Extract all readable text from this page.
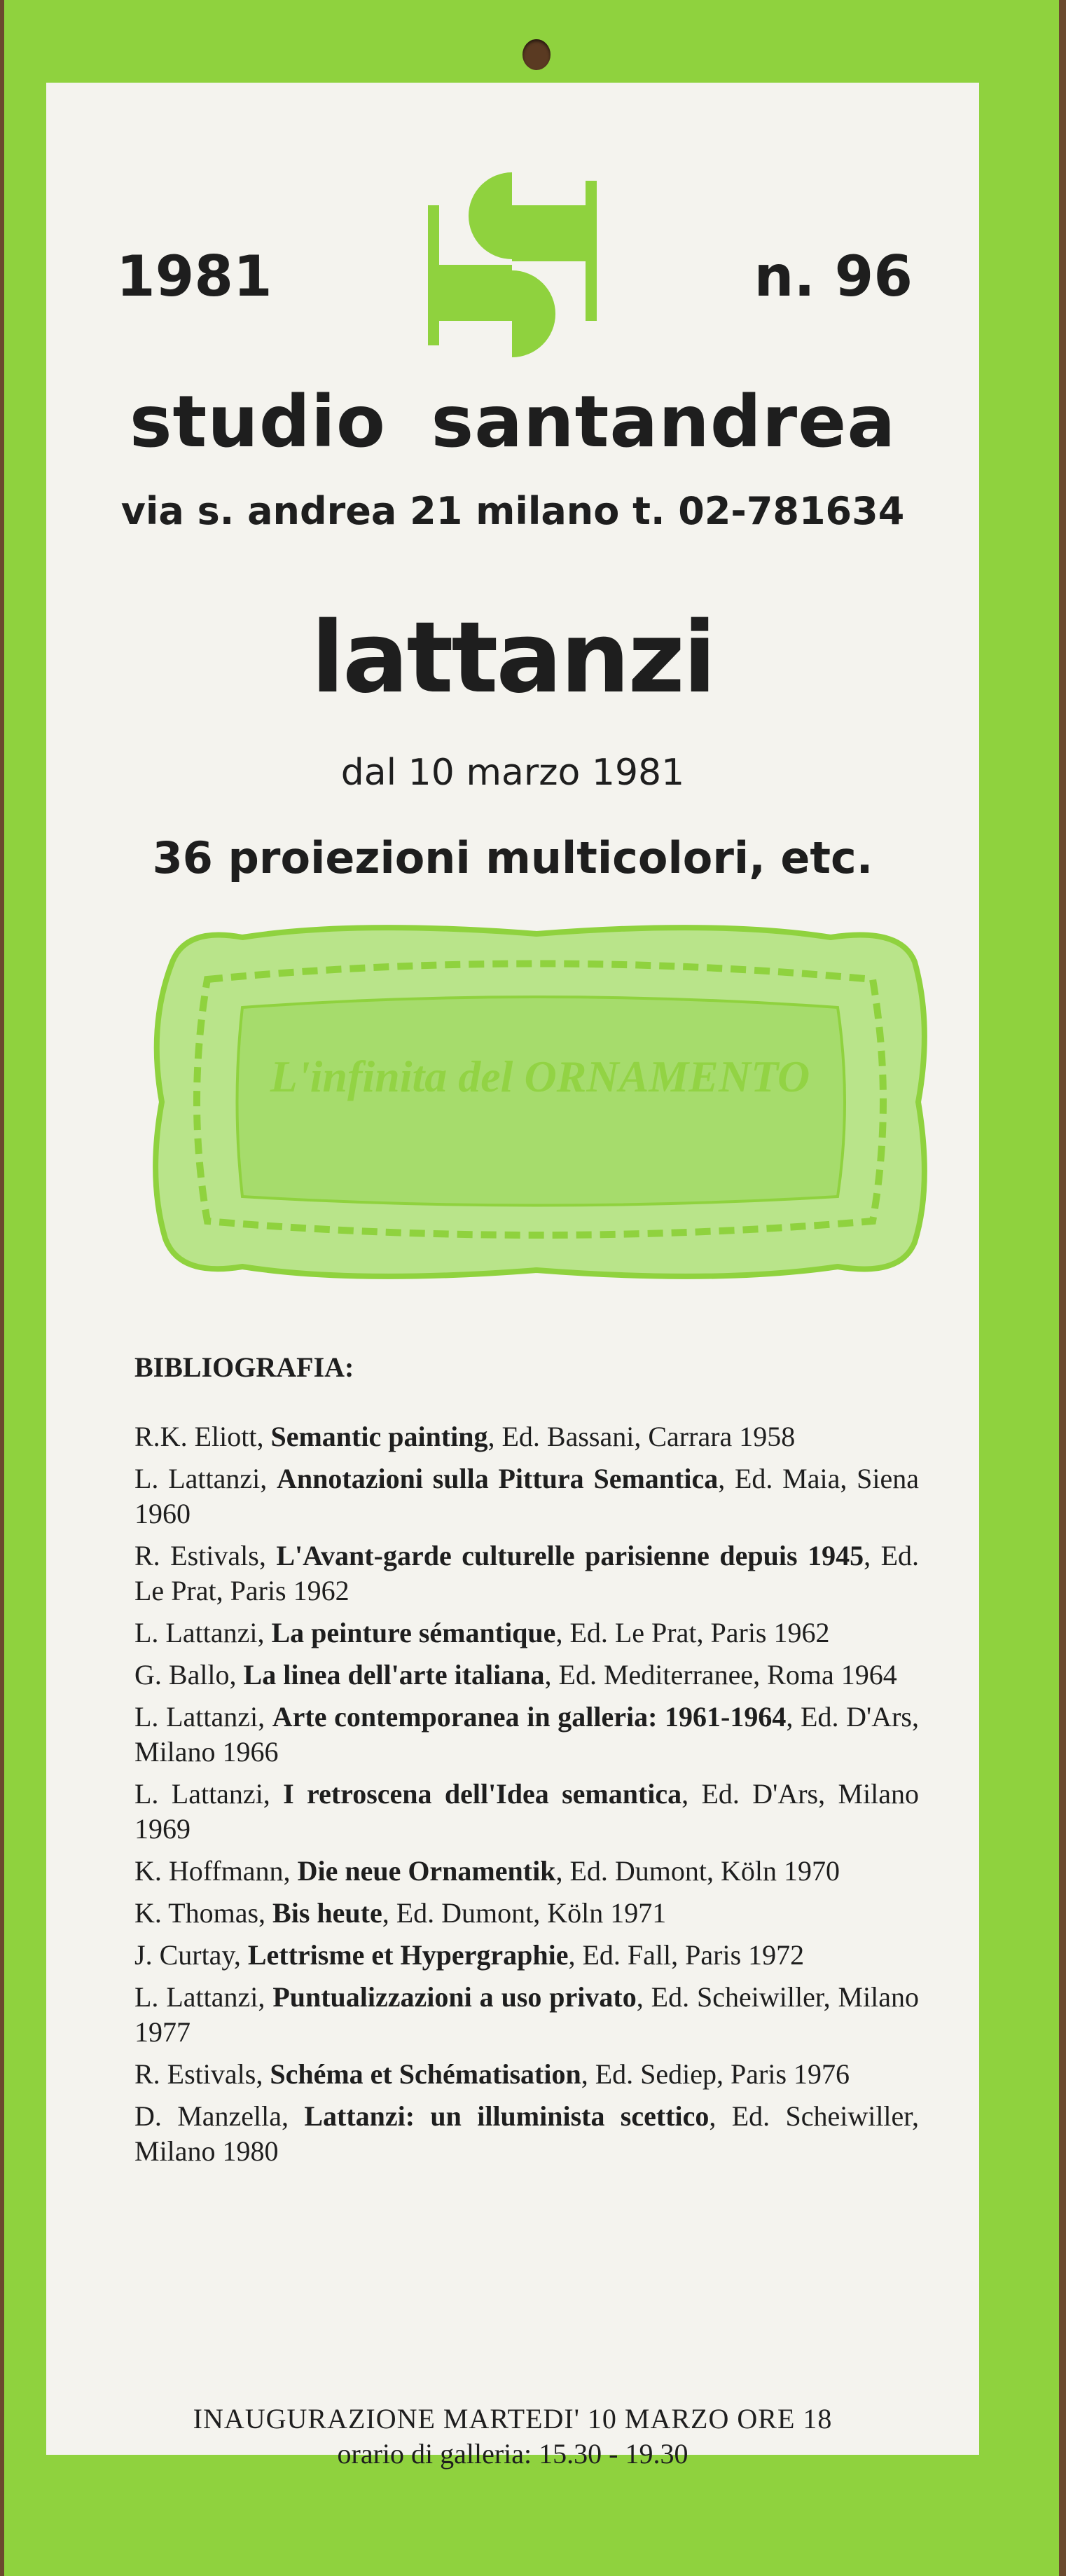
1981	n. 96
studio santandrea
via s. andrea 21 milano t. 02-781634
lattanzi
dal 10 marzo 1981
36 proiezioni multicolori, etc.
L'infinita del ORNAMENTO
BIBLIOGRAFIA:

R.K. Eliott, Semantic painting, Ed. Bassani, Carrara 1958

L. Lattanzi, Annotazioni sulla Pittura Semantica, Ed. Maia, Siena 1960

R. Estivals, L'Avant-garde culturelle parisienne depuis 1945, Ed. Le Prat, Paris 1962

L. Lattanzi, La peinture sémantique, Ed. Le Prat, Paris 1962

G. Ballo, La linea dell'arte italiana, Ed. Mediterranee, Roma 1964

L. Lattanzi, Arte contemporanea in galleria: 1961-1964, Ed. D'Ars, Milano 1966

L. Lattanzi, I retroscena dell'Idea semantica, Ed. D'Ars, Milano 1969

K. Hoffmann, Die neue Ornamentik, Ed. Dumont, Köln 1970

K. Thomas, Bis heute, Ed. Dumont, Köln 1971

J. Curtay, Lettrisme et Hypergraphie, Ed. Fall, Paris 1972

L. Lattanzi, Puntualizzazioni a uso privato, Ed. Scheiwiller, Milano 1977

R. Estivals, Schéma et Schématisation, Ed. Sediep, Paris 1976

D. Manzella, Lattanzi: un illuminista scettico, Ed. Scheiwiller, Milano 1980

INAUGURAZIONE MARTEDI' 10 MARZO ORE 18
orario di galleria: 15.30 - 19.30
